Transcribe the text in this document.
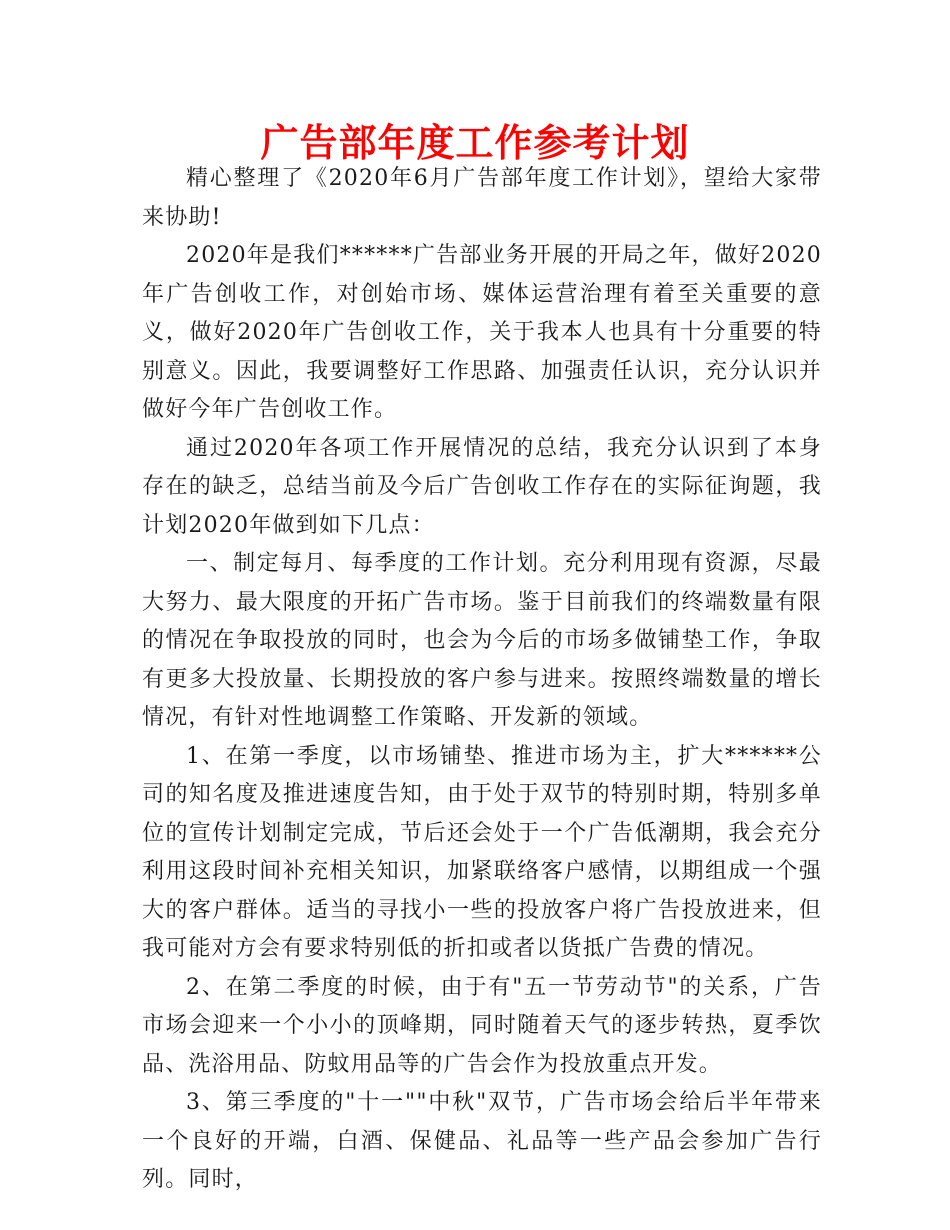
广告部年度工作参考计划

精心整理了《2020年6月广告部年度工作计划》，望给大家带来协助!

2020年是我们******广告部业务开展的开局之年，做好2020年广告创收工作，对创始市场、媒体运营治理有着至关重要的意义，做好2020年广告创收工作，关于我本人也具有十分重要的特别意义。因此，我要调整好工作思路、加强责任认识，充分认识并做好今年广告创收工作。

通过2020年各项工作开展情况的总结，我充分认识到了本身存在的缺乏，总结当前及今后广告创收工作存在的实际征询题，我计划2020年做到如下几点：

一、制定每月、每季度的工作计划。充分利用现有资源，尽最大努力、最大限度的开拓广告市场。鉴于目前我们的终端数量有限的情况在争取投放的同时，也会为今后的市场多做铺垫工作，争取有更多大投放量、长期投放的客户参与进来。按照终端数量的增长情况，有针对性地调整工作策略、开发新的领域。

1、在第一季度，以市场铺垫、推进市场为主，扩大******公司的知名度及推进速度告知，由于处于双节的特别时期，特别多单位的宣传计划制定完成，节后还会处于一个广告低潮期，我会充分利用这段时间补充相关知识，加紧联络客户感情，以期组成一个强大的客户群体。适当的寻找小一些的投放客户将广告投放进来，但我可能对方会有要求特别低的折扣或者以货抵广告费的情况。

2、在第二季度的时候，由于有"五一节劳动节"的关系，广告市场会迎来一个小小的顶峰期，同时随着天气的逐步转热，夏季饮品、洗浴用品、防蚊用品等的广告会作为投放重点开发。

3、第三季度的"十一""中秋"双节，广告市场会给后半年带来一个良好的开端，白酒、保健品、礼品等一些产品会参加广告行列。同时，
